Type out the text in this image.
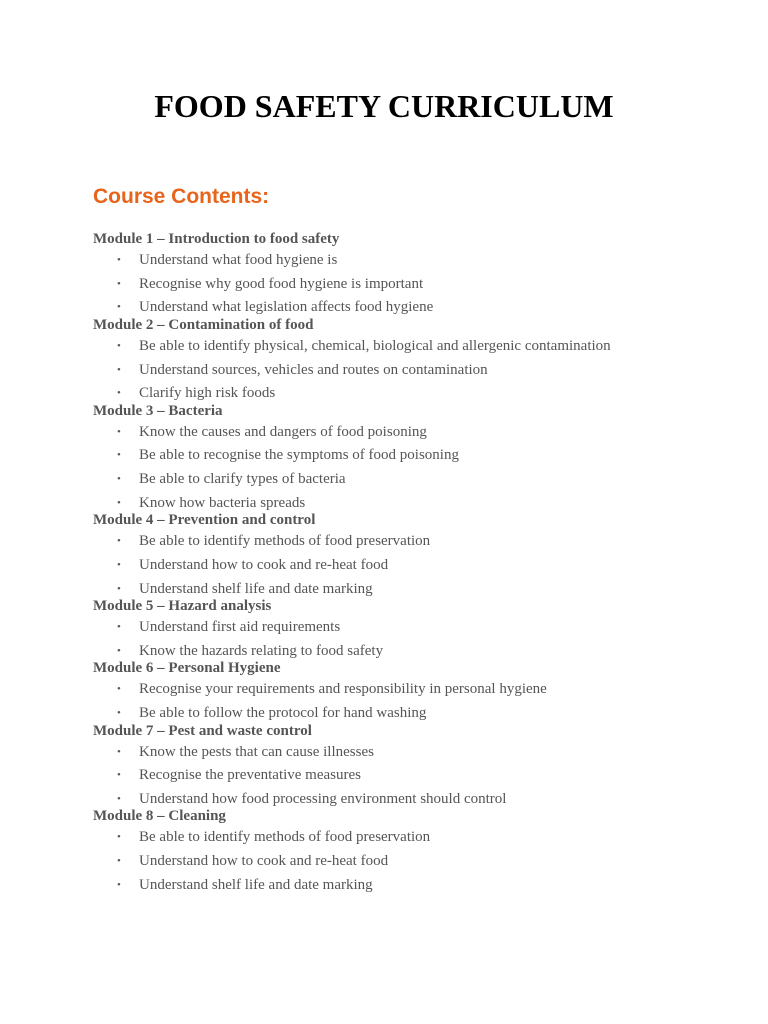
FOOD SAFETY CURRICULUM
Course Contents:
Module 1 – Introduction to food safety
• Understand what food hygiene is
• Recognise why good food hygiene is important
• Understand what legislation affects food hygiene
Module 2 – Contamination of food
• Be able to identify physical, chemical, biological and allergenic contamination
• Understand sources, vehicles and routes on contamination
• Clarify high risk foods
Module 3 – Bacteria
• Know the causes and dangers of food poisoning
• Be able to recognise the symptoms of food poisoning
• Be able to clarify types of bacteria
• Know how bacteria spreads
Module 4 – Prevention and control
• Be able to identify methods of food preservation
• Understand how to cook and re-heat food
• Understand shelf life and date marking
Module 5 – Hazard analysis
• Understand first aid requirements
• Know the hazards relating to food safety
Module 6 – Personal Hygiene
• Recognise your requirements and responsibility in personal hygiene
• Be able to follow the protocol for hand washing
Module 7 – Pest and waste control
• Know the pests that can cause illnesses
• Recognise the preventative measures
• Understand how food processing environment should control
Module 8 – Cleaning
• Be able to identify methods of food preservation
• Understand how to cook and re-heat food
• Understand shelf life and date marking
